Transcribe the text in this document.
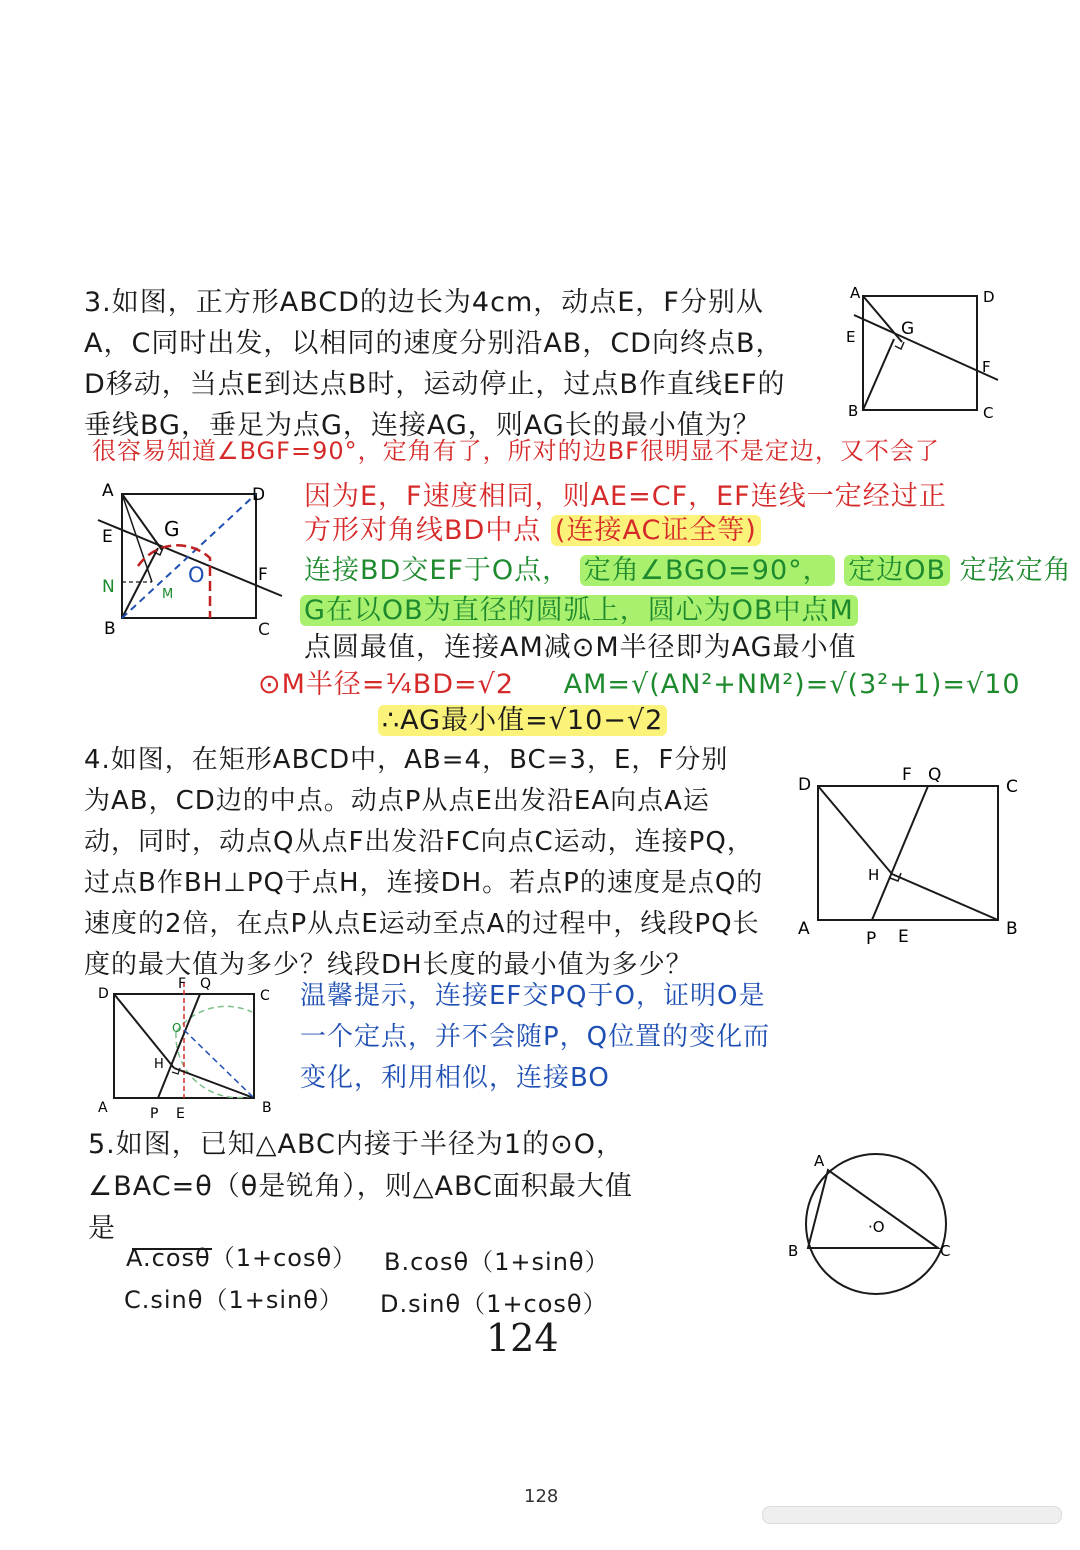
3.如图，正方形ABCD的边长为4cm，动点E，F分别从
A，C同时出发，以相同的速度分别沿AB，CD向终点B，
D移动，当点E到达点B时，运动停止，过点B作直线EF的
垂线BG，垂足为点G，连接AG，则AG长的最小值为？
A	D
E	G
F
B	C
很容易知道∠BGF=90°，定角有了，所对的边BF很明显不是定边，又不会了
A	D
E	G
F
N	M
O
B	C
因为E，F速度相同，则AE=CF，EF连线一定经过正
方形对角线BD中点 (连接AC证全等)
连接BD交EF于O点， 定角∠BGO=90°， 定边OB 定弦定角
G在以OB为直径的圆弧上，圆心为OB中点M
点圆最值，连接AM减⊙M半径即为AG最小值
⊙M半径=¼BD=√2 AM=√(AN²+NM²)=√(3²+1)=√10
∴AG最小值=√10−√2
4.如图，在矩形ABCD中，AB=4，BC=3，E，F分别
为AB，CD边的中点。动点P从点E出发沿EA向点A运
动，同时，动点Q从点F出发沿FC向点C运动，连接PQ，
过点B作BH⊥PQ于点H，连接DH。若点P的速度是点Q的
速度的2倍，在点P从点E运动至点A的过程中，线段PQ长
度的最大值为多少？线段DH长度的最小值为多少？
D	F Q
C
H
A	P E	B
D
F Q
C
O
H
A	P E	B
温馨提示，连接EF交PQ于O，证明O是
一个定点，并不会随P，Q位置的变化而
变化，利用相似，连接BO
5.如图，已知△ABC内接于半径为1的⊙O，
∠BAC=θ（θ是锐角），则△ABC面积最大值
是
A.cosθ（1+cosθ） B.cosθ（1+sinθ）
C.sinθ（1+sinθ） D.sinθ（1+cosθ）
A
B	C
·O
124
128
